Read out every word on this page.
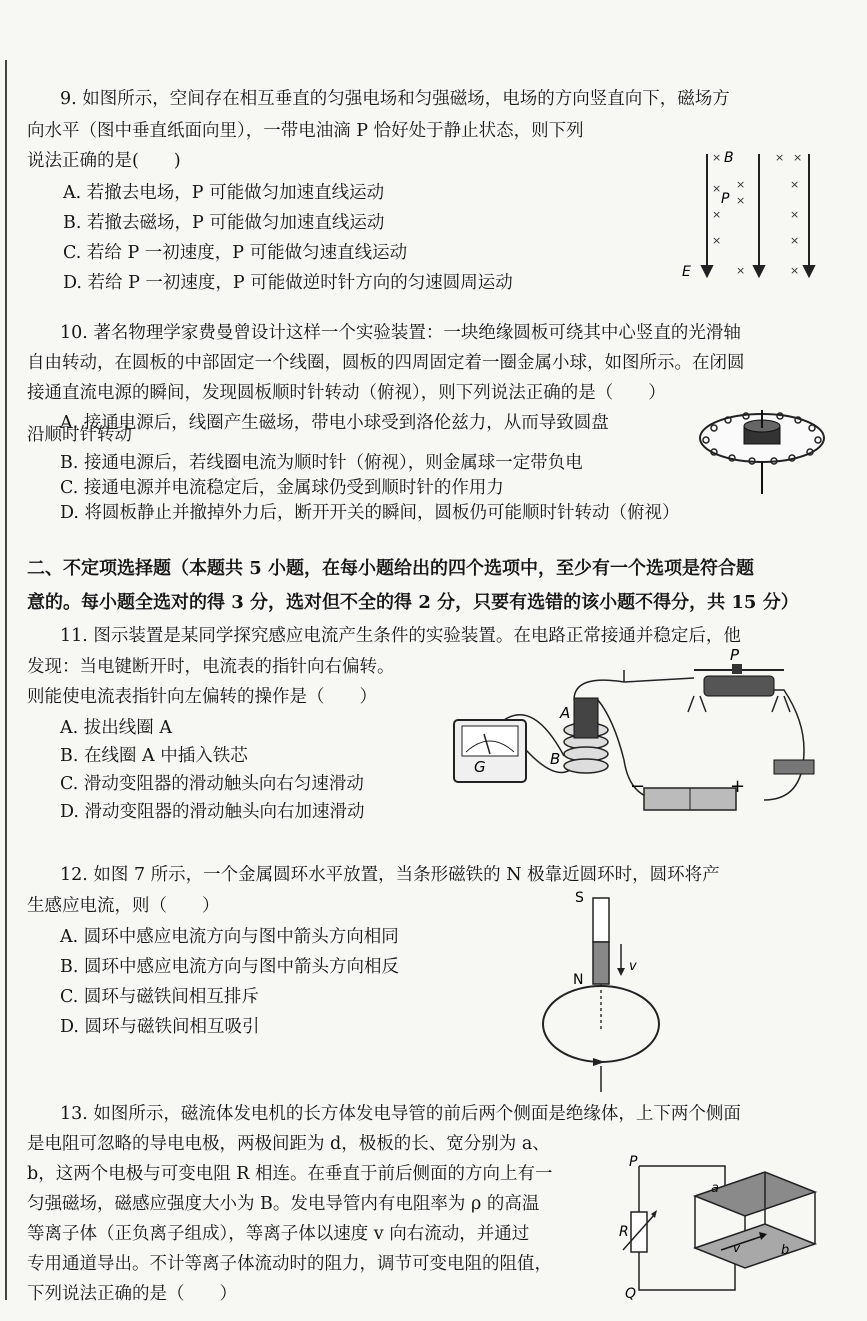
9. 如图所示，空间存在相互垂直的匀强电场和匀强磁场，电场的方向竖直向下，磁场方
向水平（图中垂直纸面向里），一带电油滴 P 恰好处于静止状态，则下列
说法正确的是(　　)
A. 若撤去电场，P 可能做匀加速直线运动
B. 若撤去磁场，P 可能做匀加速直线运动
C. 若给 P 一初速度，P 可能做匀速直线运动
D. 若给 P 一初速度，P 可能做逆时针方向的匀速圆周运动
×	× ×
× ×	×
×
×	×
×	×
×	×
B
P
E
10. 著名物理学家费曼曾设计这样一个实验装置：一块绝缘圆板可绕其中心竖直的光滑轴
自由转动，在圆板的中部固定一个线圈，圆板的四周固定着一圈金属小球，如图所示。在闭圆
接通直流电源的瞬间，发现圆板顺时针转动（俯视），则下列说法正确的是（　　）
A. 接通电源后，线圈产生磁场，带电小球受到洛伦兹力，从而导致圆盘
沿顺时针转动
B. 接通电源后，若线圈电流为顺时针（俯视），则金属球一定带负电
C. 接通电源并电流稳定后，金属球仍受到顺时针的作用力
D. 将圆板静止并撤掉外力后，断开开关的瞬间，圆板仍可能顺时针转动（俯视）
二、不定项选择题（本题共 5 小题，在每小题给出的四个选项中，至少有一个选项是符合题
意的。每小题全选对的得 3 分，选对但不全的得 2 分，只要有选错的该小题不得分，共 15 分）
11. 图示装置是某同学探究感应电流产生条件的实验装置。在电路正常接通并稳定后，他
发现：当电键断开时，电流表的指针向右偏转。
则能使电流表指针向左偏转的操作是（　　）
A. 拔出线圈 A
B. 在线圈 A 中插入铁芯
C. 滑动变阻器的滑动触头向右匀速滑动
D. 滑动变阻器的滑动触头向右加速滑动
G
A
B
P
−	+
12. 如图 7 所示，一个金属圆环水平放置，当条形磁铁的 N 极靠近圆环时，圆环将产
生感应电流，则（　　）
A. 圆环中感应电流方向与图中箭头方向相同
B. 圆环中感应电流方向与图中箭头方向相反
C. 圆环与磁铁间相互排斥
D. 圆环与磁铁间相互吸引
S
N
v
13. 如图所示，磁流体发电机的长方体发电导管的前后两个侧面是绝缘体，上下两个侧面
是电阻可忽略的导电电极，两极间距为 d，极板的长、宽分别为 a、
b，这两个电极与可变电阻 R 相连。在垂直于前后侧面的方向上有一
匀强磁场，磁感应强度大小为 B。发电导管内有电阻率为 ρ 的高温
等离子体（正负离子组成），等离子体以速度 v 向右流动，并通过
专用通道导出。不计等离子体流动时的阻力，调节可变电阻的阻值，
下列说法正确的是（　　）
P
Q
R
a
v	b
